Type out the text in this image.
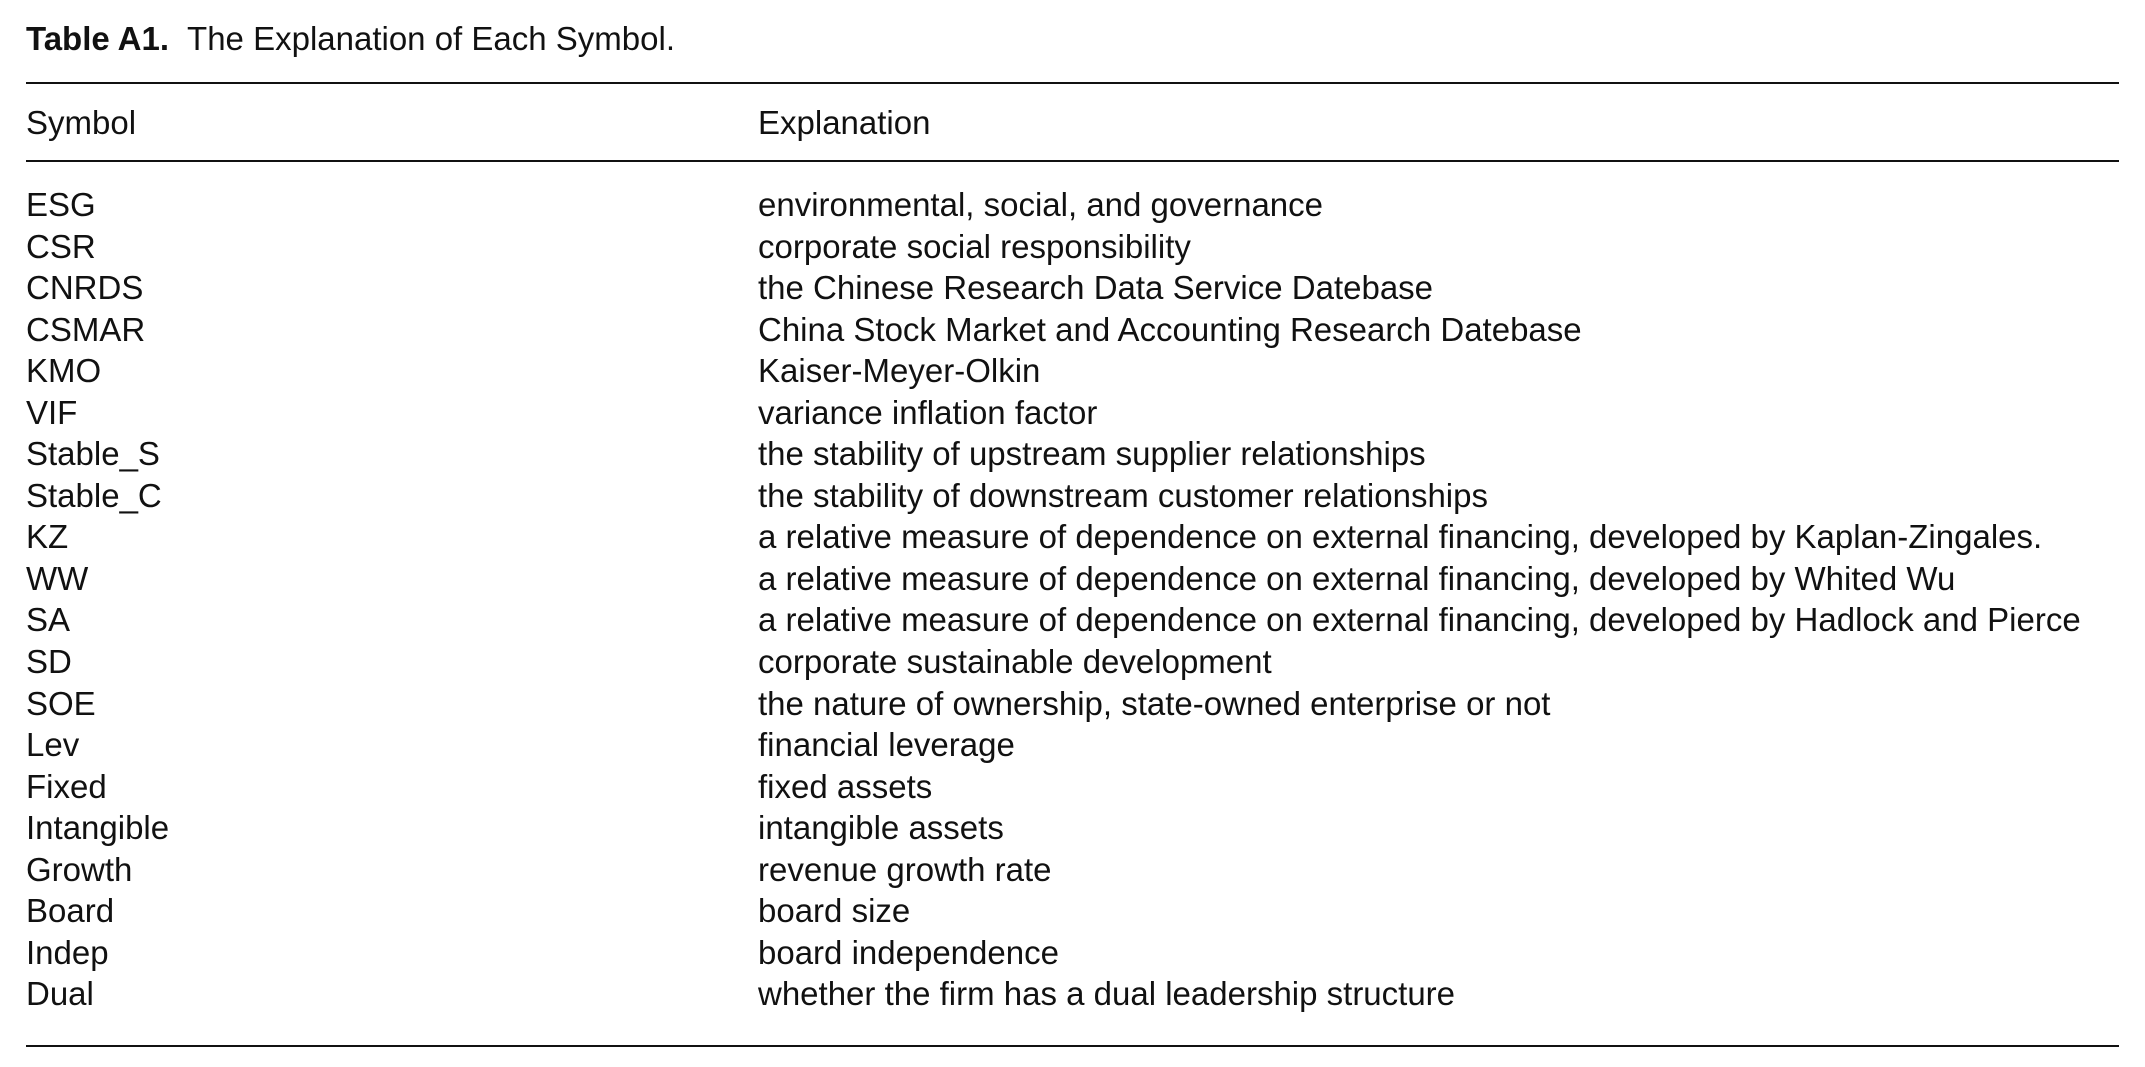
Table A1. The Explanation of Each Symbol.
Symbol	Explanation
ESG	environmental, social, and governance
CSR	corporate social responsibility
CNRDS	the Chinese Research Data Service Datebase
CSMAR	China Stock Market and Accounting Research Datebase
KMO	Kaiser-Meyer-Olkin
VIF	variance inflation factor
Stable_S	the stability of upstream supplier relationships
Stable_C	the stability of downstream customer relationships
KZ	a relative measure of dependence on external financing, developed by Kaplan-Zingales.
WW	a relative measure of dependence on external financing, developed by Whited Wu
SA	a relative measure of dependence on external financing, developed by Hadlock and Pierce
SD	corporate sustainable development
SOE	the nature of ownership, state-owned enterprise or not
Lev	financial leverage
Fixed	fixed assets
Intangible	intangible assets
Growth	revenue growth rate
Board	board size
Indep	board independence
Dual	whether the firm has a dual leadership structure
